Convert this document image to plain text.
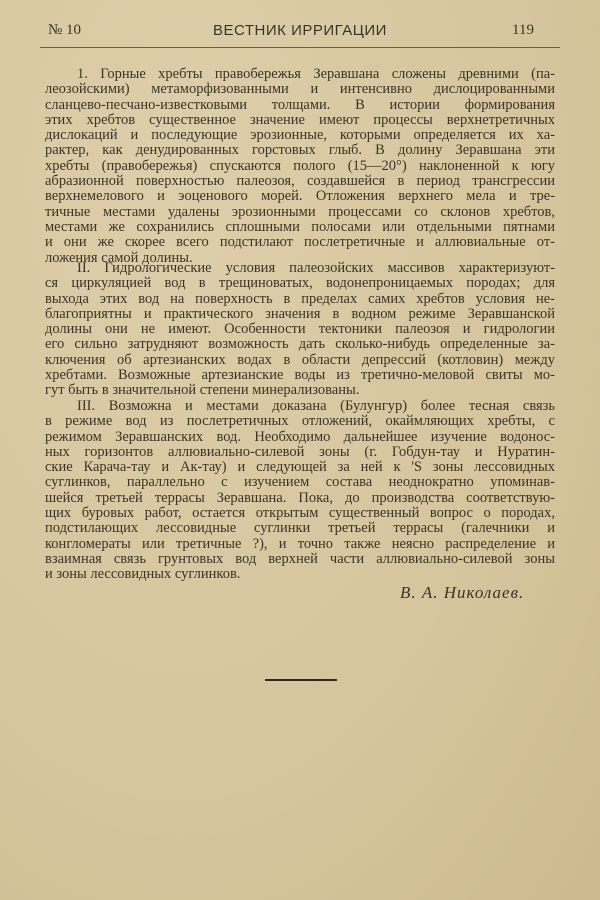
№ 10	ВЕСТНИК ИРРИГАЦИИ	119
1. Горные хребты правобережья Зеравшана сложены древними (па-
леозойскими) метаморфизованными и интенсивно дислоцированными
сланцево-песчано-известковыми толщами. В истории формирования
этих хребтов существенное значение имеют процессы верхнетретичных
дислокаций и последующие эрозионные, которыми определяется их ха-
рактер, как денудированных горстовых глыб. В долину Зеравшана эти
хребты (правобережья) спускаются полого (15—20°) наклоненной к югу
абразионной поверхностью палеозоя, создавшейся в период трансгрессии
верхнемелового и эоценового морей. Отложения верхнего мела и тре-
тичные местами удалены эрозионными процессами со склонов хребтов,
местами же сохранились сплошными полосами или отдельными пятнами
и они же скорее всего подстилают послетретичные и аллювиальные от-
ложения самой долины.
II. Гидрологические условия палеозойских массивов характеризуют-
ся циркуляцией вод в трещиноватых, водонепроницаемых породах; для
выхода этих вод на поверхность в пределах самих хребтов условия не-
благоприятны и практического значения в водном режиме Зеравшанской
долины они не имеют. Особенности тектоники палеозоя и гидрологии
его сильно затрудняют возможность дать сколько-нибудь определенные за-
ключения об артезианских водах в области депрессий (котловин) между
хребтами. Возможные артезианские воды из третично-меловой свиты мо-
гут быть в значительной степени минерализованы.
III. Возможна и местами доказана (Булунгур) более тесная связь
в режиме вод из послетретичных отложений, окаймляющих хребты, с
режимом Зеравшанских вод. Необходимо дальнейшее изучение водонос-
ных горизонтов аллювиально-силевой зоны (г. Гобдун-тау и Нуратин-
ские Карача-тау и Ак-тау) и следующей за ней к 'S зоны лессовидных
суглинков, параллельно с изучением состава неоднократно упоминав-
шейся третьей террасы Зеравшана. Пока, до производства соответствую-
щих буровых работ, остается открытым существенный вопрос о породах,
подстилающих лессовидные суглинки третьей террасы (галечники и
конгломераты или третичные ?), и точно также неясно распределение и
взаимная связь грунтовых вод верхней части аллювиально-силевой зоны
и зоны лессовидных суглинков.
В. А. Николаев.
